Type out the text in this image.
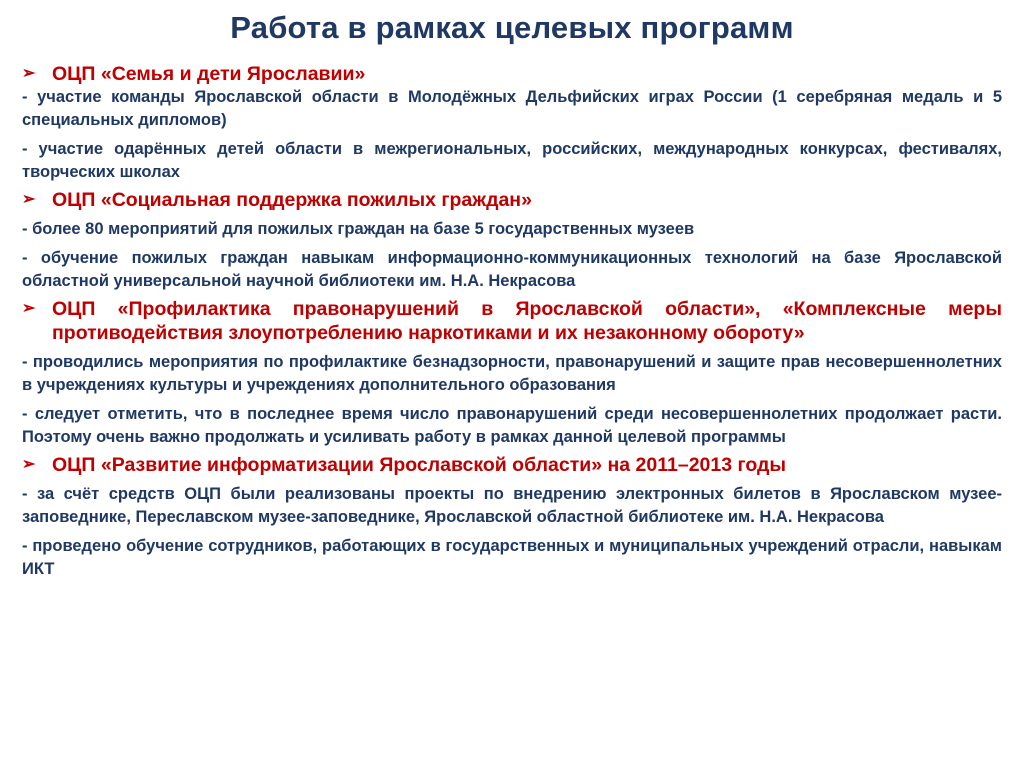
Работа в рамках целевых программ
➢ ОЦП «Семья и дети Ярославии»
- участие команды Ярославской области в Молодёжных Дельфийских играх России (1 серебряная медаль и 5 специальных дипломов)
- участие одарённых детей области в межрегиональных, российских, международных конкурсах, фестивалях, творческих школах
➢ ОЦП «Социальная поддержка пожилых граждан»
- более 80 мероприятий для пожилых граждан на базе 5 государственных музеев
- обучение пожилых граждан навыкам информационно-коммуникационных технологий на базе Ярославской областной универсальной научной библиотеки им. Н.А. Некрасова
➢ ОЦП «Профилактика правонарушений в Ярославской области», «Комплексные меры противодействия злоупотреблению наркотиками и их незаконному обороту»
- проводились мероприятия по профилактике безнадзорности, правонарушений и защите прав несовершеннолетних в учреждениях культуры и учреждениях дополнительного образования
- следует отметить, что в последнее время число правонарушений среди несовершеннолетних продолжает расти. Поэтому очень важно продолжать и усиливать работу в рамках данной целевой программы
➢ ОЦП «Развитие информатизации Ярославской области» на 2011–2013 годы
- за счёт средств ОЦП были реализованы проекты по внедрению электронных билетов в Ярославском музее-заповеднике, Переславском музее-заповеднике, Ярославской областной библиотеке им. Н.А. Некрасова
- проведено обучение сотрудников, работающих в государственных и муниципальных учреждений отрасли, навыкам ИКТ
